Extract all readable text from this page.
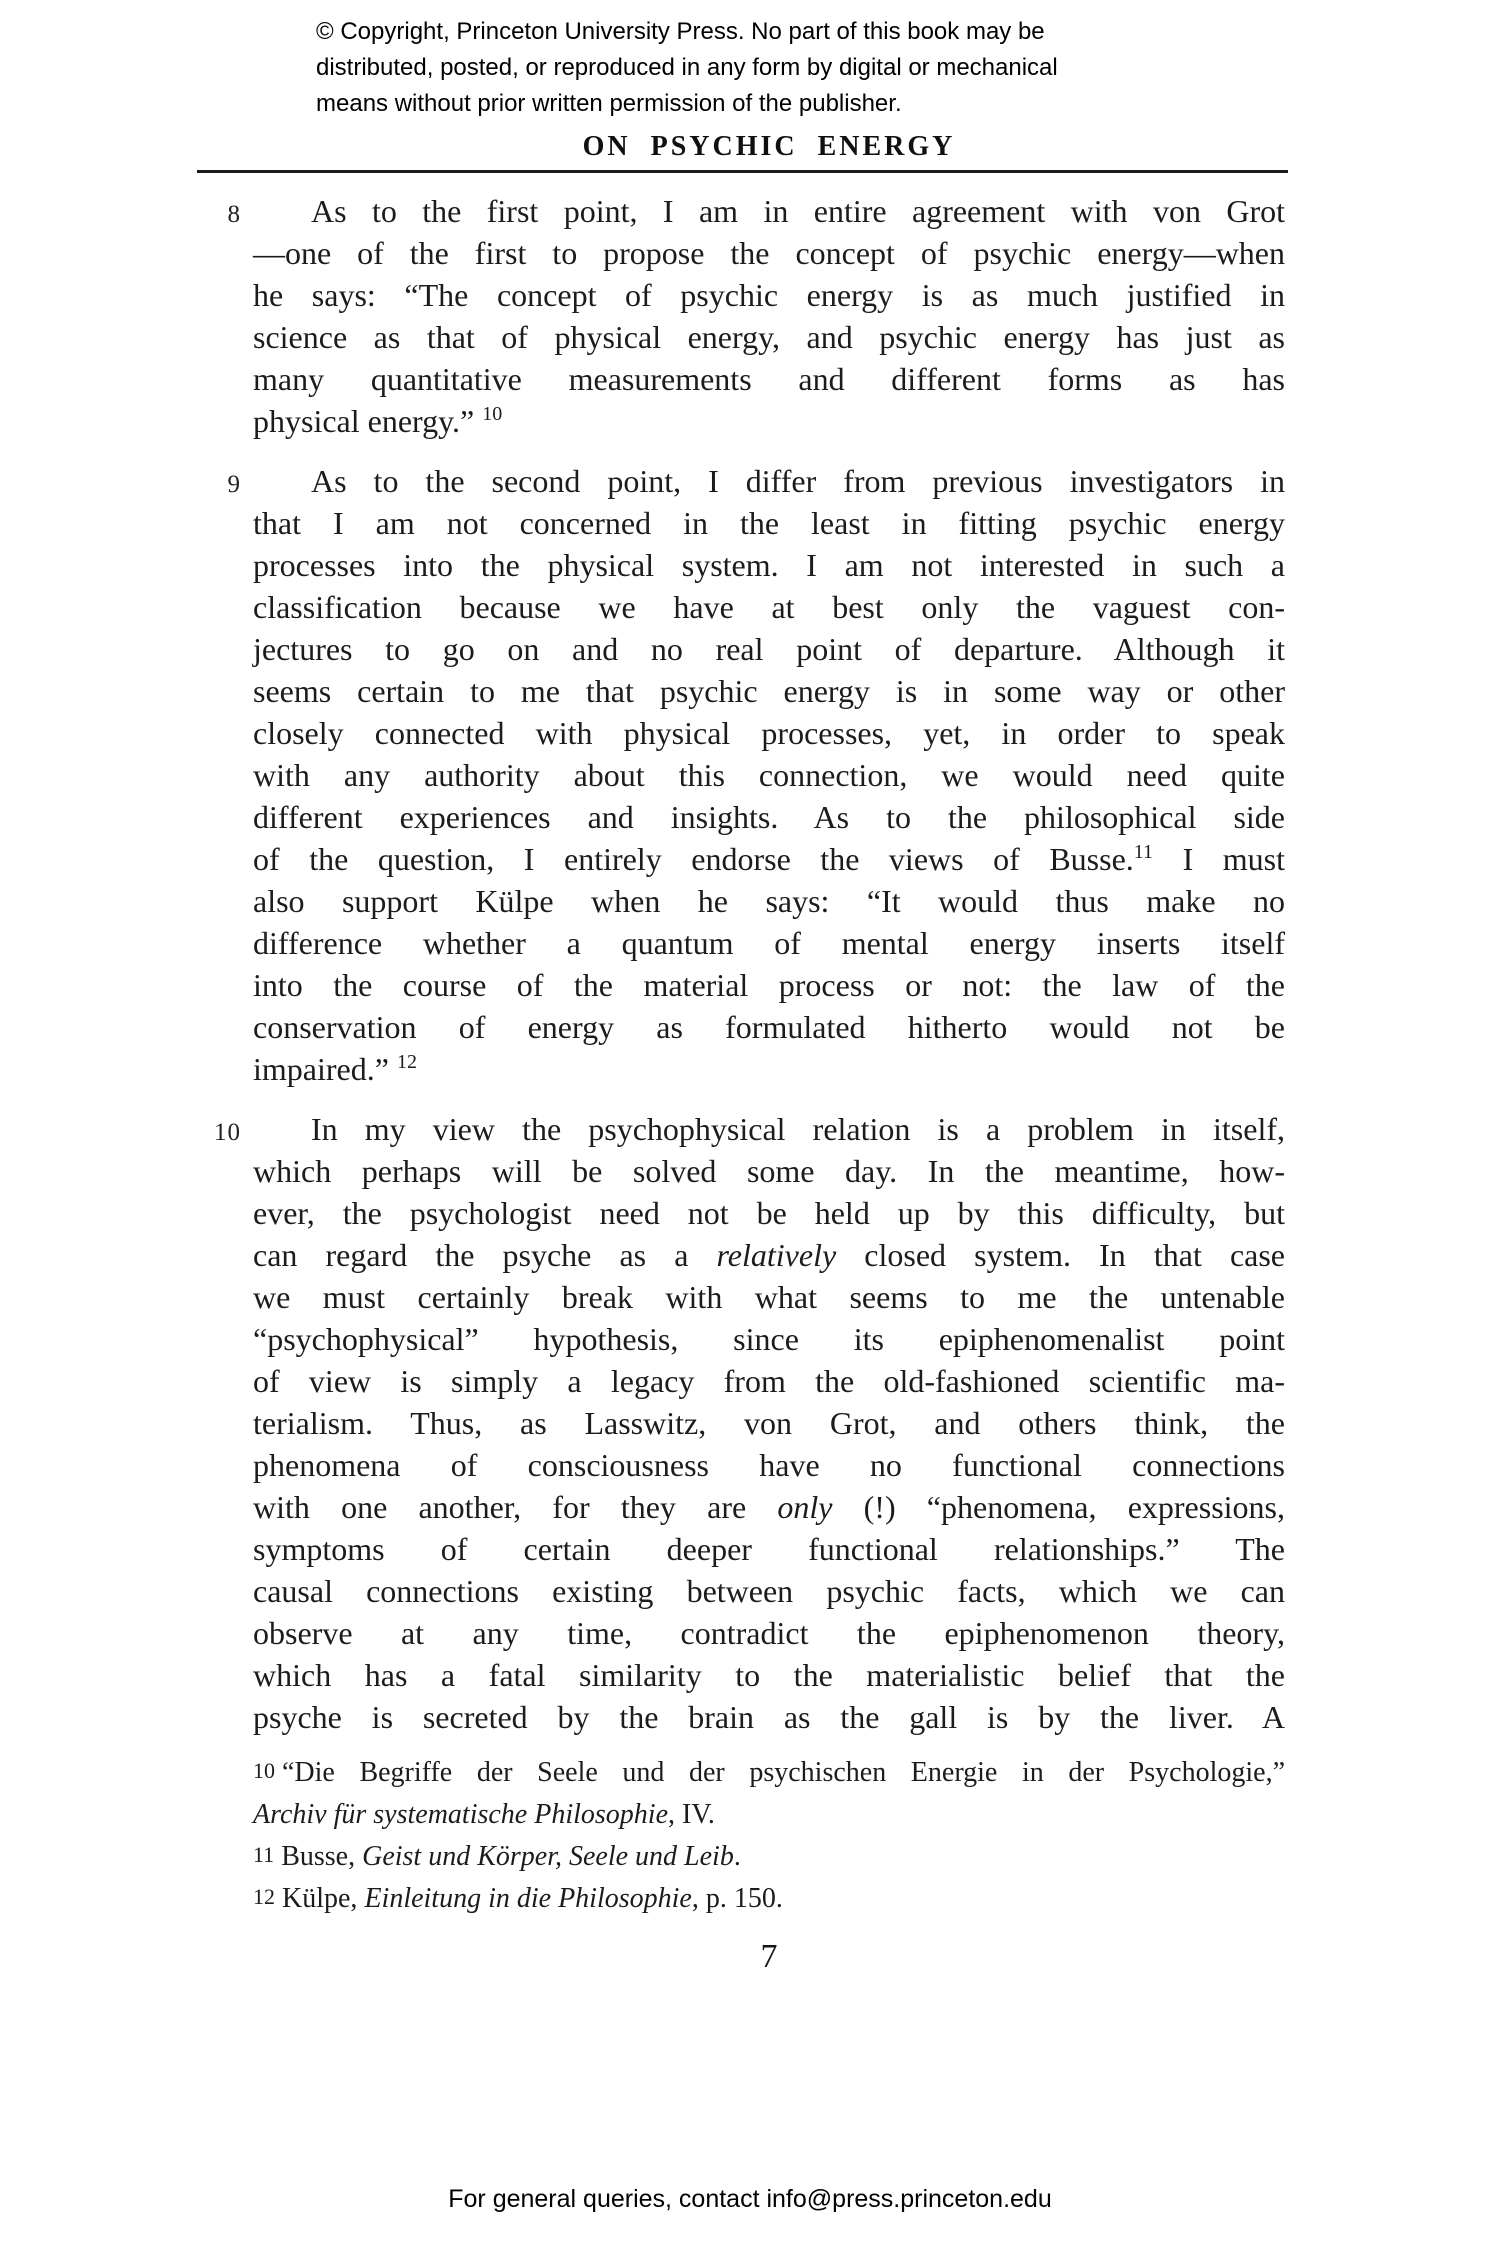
© Copyright, Princeton University Press. No part of this book may be
distributed, posted, or reproduced in any form by digital or mechanical
means without prior written permission of the publisher.
ON PSYCHIC ENERGY
8	As to the first point, I am in entire agreement with von Grot
—one of the first to propose the concept of psychic energy—when
he says: “The concept of psychic energy is as much justified in
science as that of physical energy, and psychic energy has just as
many quantitative measurements and different forms as has
physical energy.” $^{10}$
9	As to the second point, I differ from previous investigators in
that I am not concerned in the least in fitting psychic energy
processes into the physical system. I am not interested in such a
classification because we have at best only the vaguest con-
jectures to go on and no real point of departure. Although it
seems certain to me that psychic energy is in some way or other
closely connected with physical processes, yet, in order to speak
with any authority about this connection, we would need quite
different experiences and insights. As to the philosophical side
of the question, I entirely endorse the views of Busse.$^{11}$ I must
also support Külpe when he says: “It would thus make no
difference whether a quantum of mental energy inserts itself
into the course of the material process or not: the law of the
conservation of energy as formulated hitherto would not be
impaired.” $^{12}$
10	In my view the psychophysical relation is a problem in itself,
which perhaps will be solved some day. In the meantime, how-
ever, the psychologist need not be held up by this difficulty, but
can regard the psyche as a relatively closed system. In that case
we must certainly break with what seems to me the untenable
“psychophysical” hypothesis, since its epiphenomenalist point
of view is simply a legacy from the old-fashioned scientific ma-
terialism. Thus, as Lasswitz, von Grot, and others think, the
phenomena of consciousness have no functional connections
with one another, for they are only (!) “phenomena, expressions,
symptoms of certain deeper functional relationships.” The
causal connections existing between psychic facts, which we can
observe at any time, contradict the epiphenomenon theory,
which has a fatal similarity to the materialistic belief that the
psyche is secreted by the brain as the gall is by the liver. A
10 “Die Begriffe der Seele und der psychischen Energie in der Psychologie,”
Archiv für systematische Philosophie, IV.
11 Busse, Geist und Körper, Seele und Leib.
12 Külpe, Einleitung in die Philosophie, p. 150.
7
For general queries, contact info@press.princeton.edu
